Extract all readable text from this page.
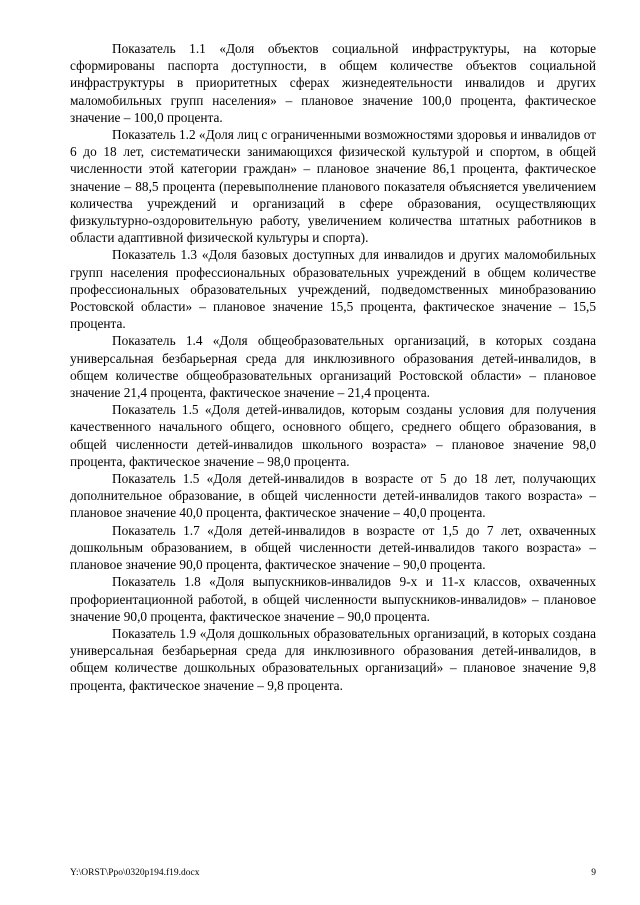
Показатель 1.1 «Доля объектов социальной инфраструктуры, на которые сформированы паспорта доступности, в общем количестве объектов социальной инфраструктуры в приоритетных сферах жизнедеятельности инвалидов и других маломобильных групп населения» – плановое значение 100,0 процента, фактическое значение – 100,0 процента.

Показатель 1.2 «Доля лиц с ограниченными возможностями здоровья и инвалидов от 6 до 18 лет, систематически занимающихся физической культурой и спортом, в общей численности этой категории граждан» – плановое значение 86,1 процента, фактическое значение – 88,5 процента (перевыполнение планового показателя объясняется увеличением количества учреждений и организаций в сфере образования, осуществляющих физкультурно-оздоровительную работу, увеличением количества штатных работников в области адаптивной физической культуры и спорта).

Показатель 1.3 «Доля базовых доступных для инвалидов и других маломобильных групп населения профессиональных образовательных учреждений в общем количестве профессиональных образовательных учреждений, подведомственных минобразованию Ростовской области» – плановое значение 15,5 процента, фактическое значение – 15,5 процента.

Показатель 1.4 «Доля общеобразовательных организаций, в которых создана универсальная безбарьерная среда для инклюзивного образования детей-инвалидов, в общем количестве общеобразовательных организаций Ростовской области» – плановое значение 21,4 процента, фактическое значение – 21,4 процента.

Показатель 1.5 «Доля детей-инвалидов, которым созданы условия для получения качественного начального общего, основного общего, среднего общего образования, в общей численности детей-инвалидов школьного возраста» – плановое значение 98,0 процента, фактическое значение – 98,0 процента.

Показатель 1.5 «Доля детей-инвалидов в возрасте от 5 до 18 лет, получающих дополнительное образование, в общей численности детей-инвалидов такого возраста» – плановое значение 40,0 процента, фактическое значение – 40,0 процента.

Показатель 1.7 «Доля детей-инвалидов в возрасте от 1,5 до 7 лет, охваченных дошкольным образованием, в общей численности детей-инвалидов такого возраста» – плановое значение 90,0 процента, фактическое значение – 90,0 процента.

Показатель 1.8 «Доля выпускников-инвалидов 9-х и 11-х классов, охваченных профориентационной работой, в общей численности выпускников-инвалидов» – плановое значение 90,0 процента, фактическое значение – 90,0 процента.

Показатель 1.9 «Доля дошкольных образовательных организаций, в которых создана универсальная безбарьерная среда для инклюзивного образования детей-инвалидов, в общем количестве дошкольных образовательных организаций» – плановое значение 9,8 процента, фактическое значение – 9,8 процента.

Y:\ORST\Ppo\0320p194.f19.docx	9
